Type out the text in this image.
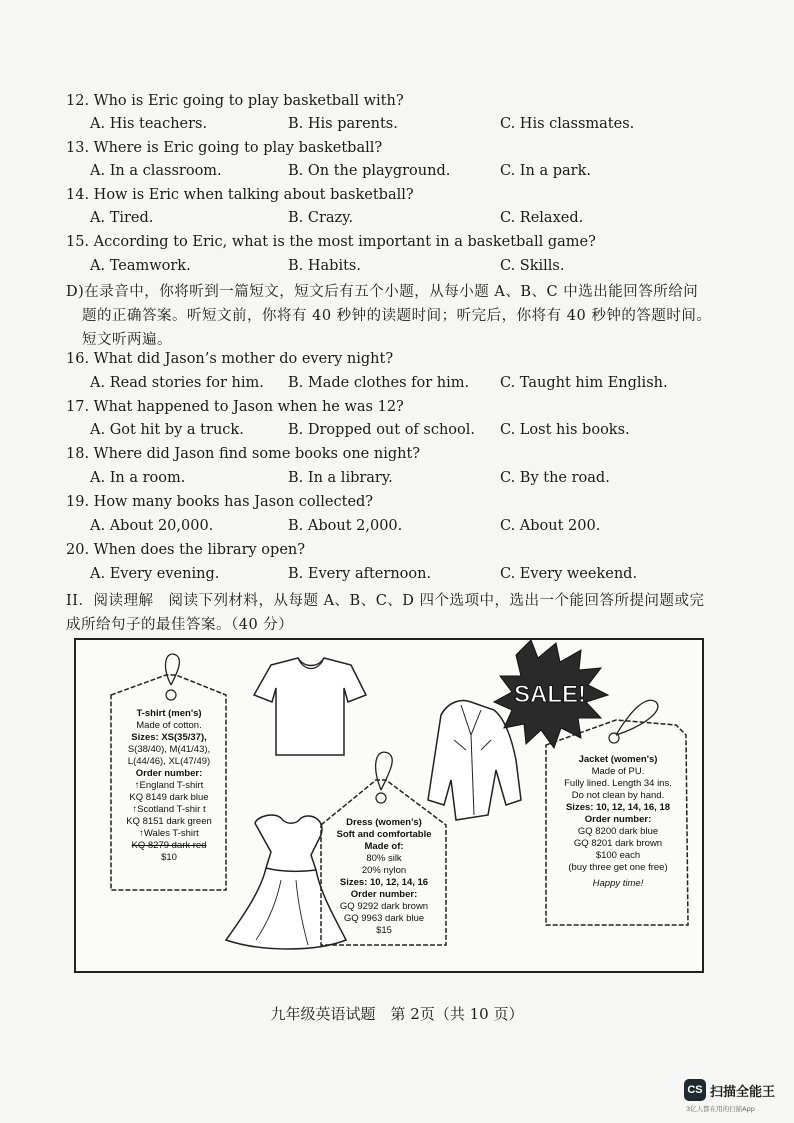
12. Who is Eric going to play basketball with?
A. His teachers.	B. His parents.	C. His classmates.
13. Where is Eric going to play basketball?
A. In a classroom.	B. On the playground.	C. In a park.
14. How is Eric when talking about basketball?
A. Tired.	B. Crazy.	C. Relaxed.
15. According to Eric, what is the most important in a basketball game?
A. Teamwork.	B. Habits.	C. Skills.
D)在录音中，你将听到一篇短文，短文后有五个小题，从每小题 A、B、C 中选出能回答所给问
题的正确答案。听短文前，你将有 40 秒钟的读题时间；听完后，你将有 40 秒钟的答题时间。
短文听两遍。
16. What did Jason’s mother do every night?
A. Read stories for him. B. Made clothes for him. C. Taught him English.
17. What happened to Jason when he was 12?
A. Got hit by a truck.	B. Dropped out of school. C. Lost his books.
18. Where did Jason find some books one night?
A. In a room.	B. In a library.	C. By the road.
19. How many books has Jason collected?
A. About 20,000.	B. About 2,000.	C. About 200.
20. When does the library open?
A. Every evening.	B. Every afternoon.	C. Every weekend.
II．阅读理解　阅读下列材料，从每题 A、B、C、D 四个选项中，选出一个能回答所提问题或完
成所给句子的最佳答案。（40 分）
SALE!
T-shirt (men's)
Made of cotton.
Sizes: XS(35/37),
S(38/40), M(41/43),
L(44/46), XL(47/49)
Order number:
↑England T-shirt
KQ 8149 dark blue
↑Scotland T-shir t
KQ 8151 dark green
↑Wales T-shirt
KQ 8279 dark red
$10
Dress (women's)
Soft and comfortable
Made of:
80% silk
20% nylon
Sizes: 10, 12, 14, 16
Order number:
GQ 9292 dark brown
GQ 9963 dark blue
$15
Jacket (women's)
Made of PU.
Fully lined. Length 34 ins.
Do not clean by hand.
Sizes: 10, 12, 14, 16, 18
Order number:
GQ 8200 dark blue
GQ 8201 dark brown
$100 each
(buy three get one free)
Happy time!
九年级英语试题　第 2页（共 10 页）
CS 扫描全能王
3亿人都在用的扫描App
